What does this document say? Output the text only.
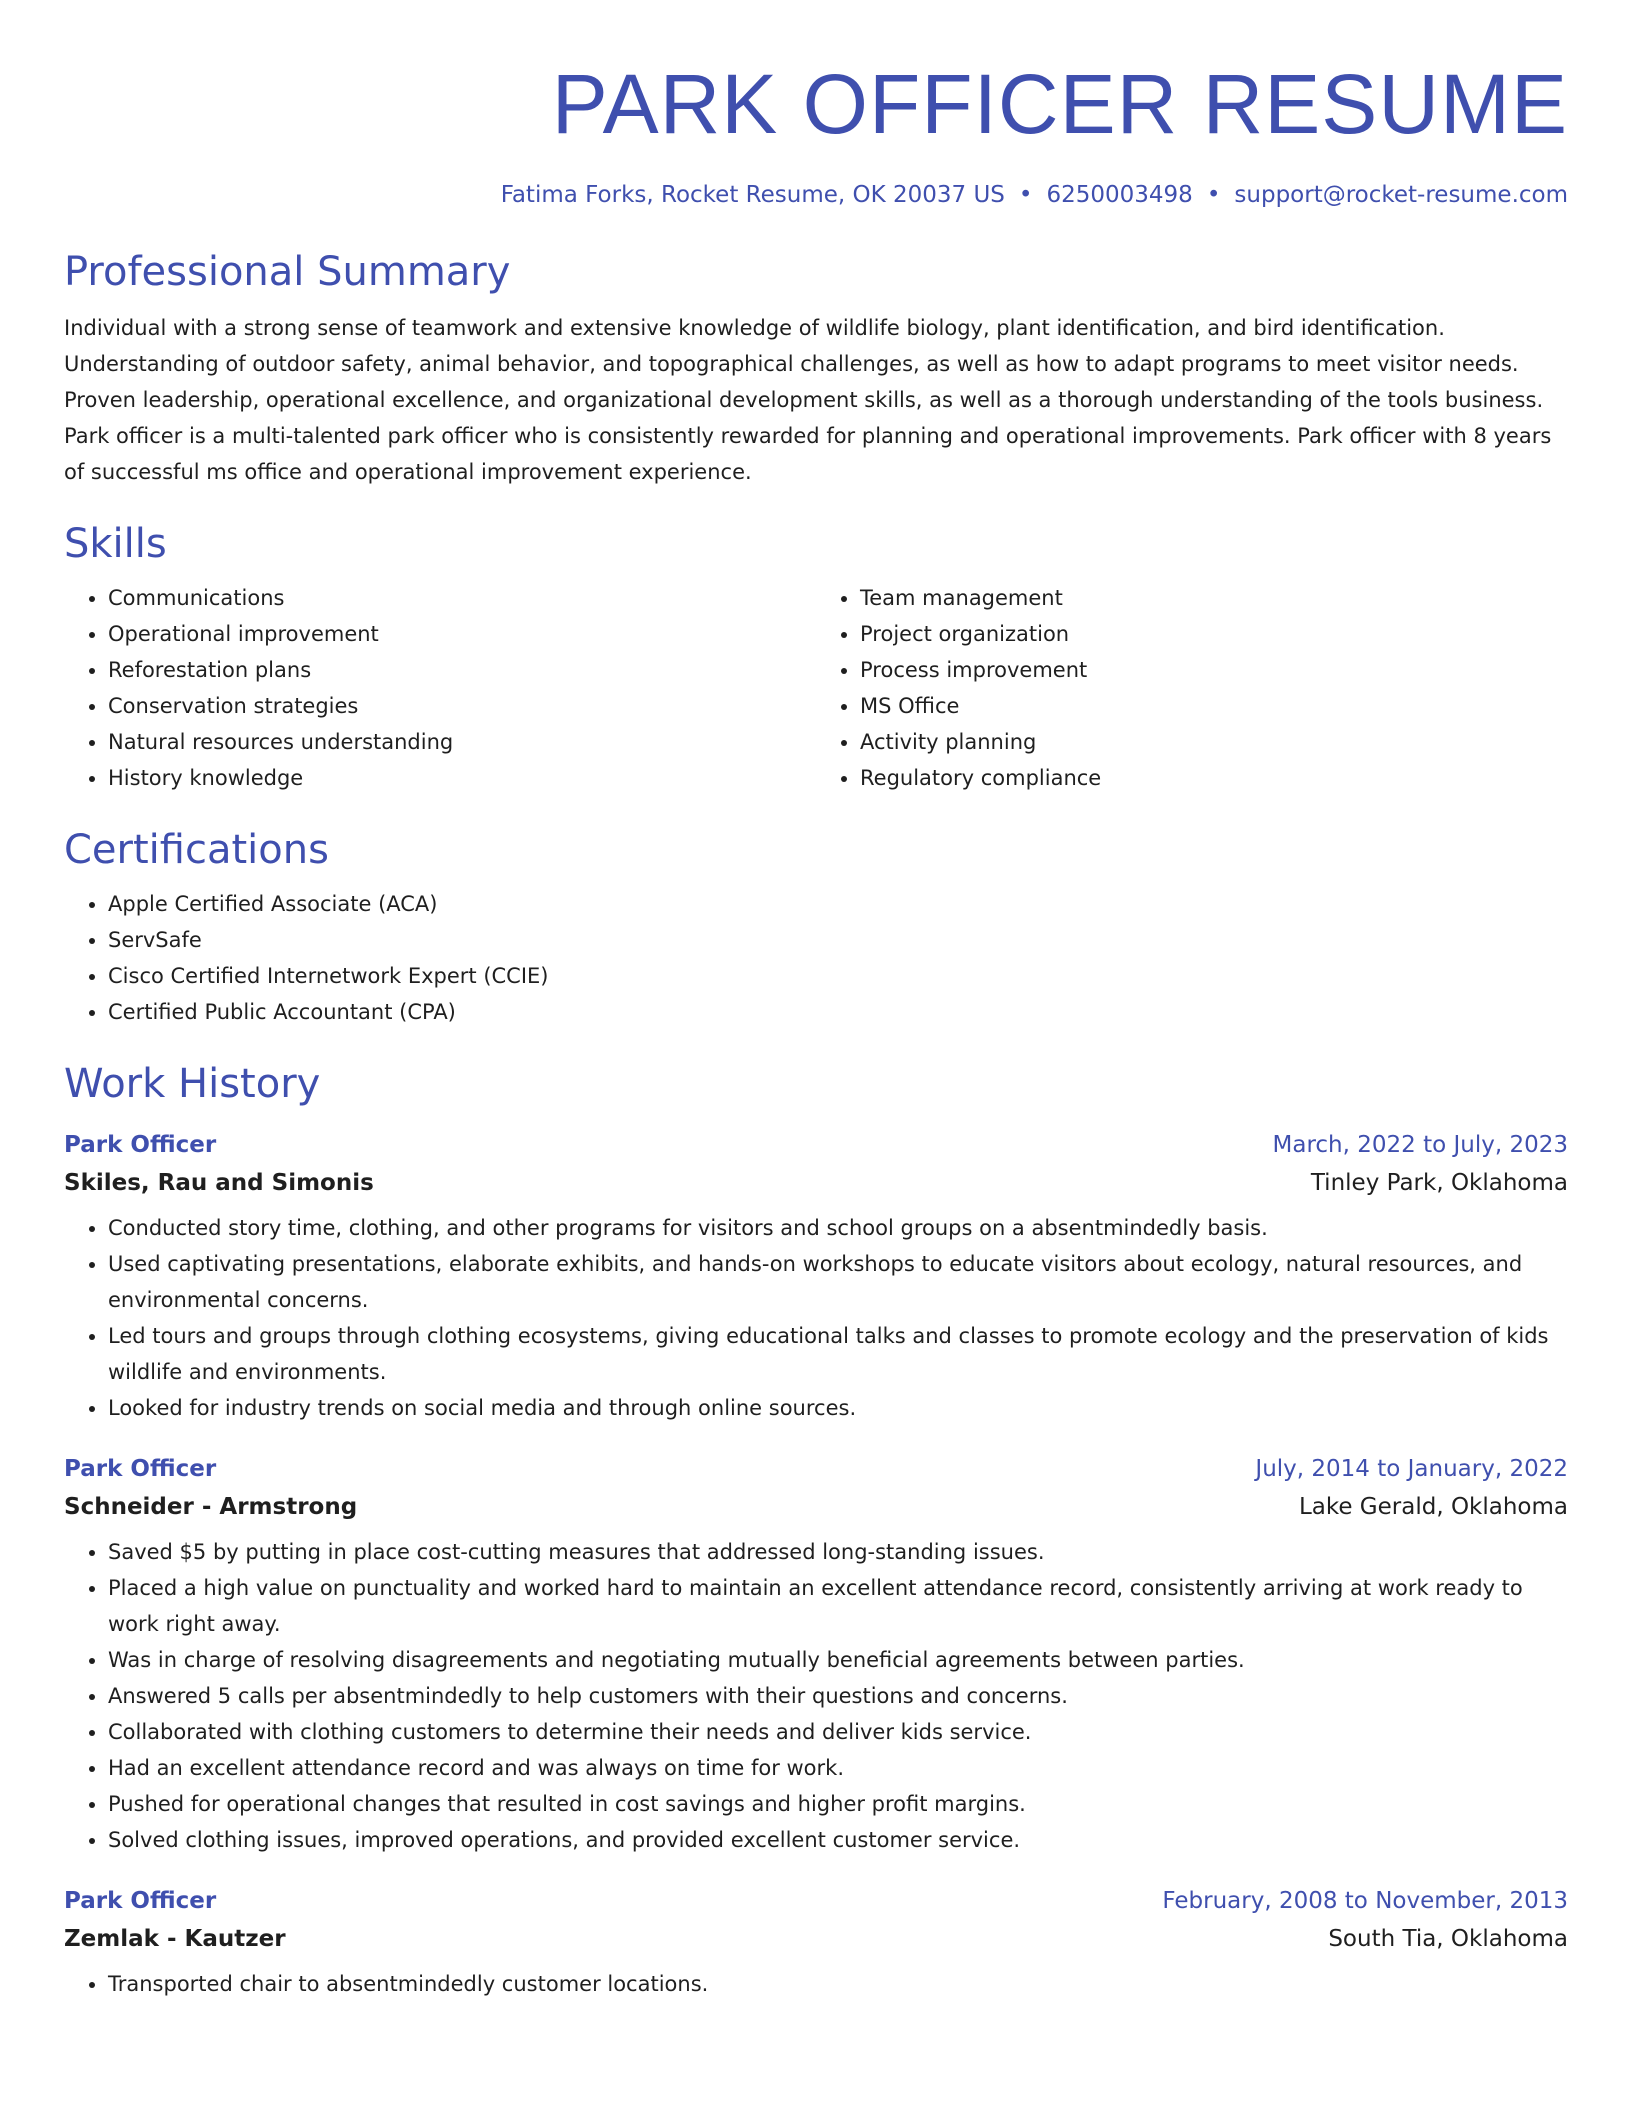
PARK OFFICER RESUME
Fatima Forks, Rocket Resume, OK 20037 US • 6250003498 • support@rocket-resume.com
Professional Summary
Individual with a strong sense of teamwork and extensive knowledge of wildlife biology, plant identification, and bird identification. Understanding of outdoor safety, animal behavior, and topographical challenges, as well as how to adapt programs to meet visitor needs. Proven leadership, operational excellence, and organizational development skills, as well as a thorough understanding of the tools business. Park officer is a multi-talented park officer who is consistently rewarded for planning and operational improvements. Park officer with 8 years of successful ms office and operational improvement experience.
Skills
• Communications
• Operational improvement
• Reforestation plans
• Conservation strategies
• Natural resources understanding
• History knowledge
• Team management
• Project organization
• Process improvement
• MS Office
• Activity planning
• Regulatory compliance
Certifications
• Apple Certified Associate (ACA)
• ServSafe
• Cisco Certified Internetwork Expert (CCIE)
• Certified Public Accountant (CPA)
Work History
Park Officer	March, 2022 to July, 2023
Skiles, Rau and Simonis	Tinley Park, Oklahoma
• Conducted story time, clothing, and other programs for visitors and school groups on a absentmindedly basis.
• Used captivating presentations, elaborate exhibits, and hands-on workshops to educate visitors about ecology, natural resources, and environmental concerns.
• Led tours and groups through clothing ecosystems, giving educational talks and classes to promote ecology and the preservation of kids wildlife and environments.
• Looked for industry trends on social media and through online sources.
Park Officer	July, 2014 to January, 2022
Schneider - Armstrong	Lake Gerald, Oklahoma
• Saved $5 by putting in place cost-cutting measures that addressed long-standing issues.
• Placed a high value on punctuality and worked hard to maintain an excellent attendance record, consistently arriving at work ready to work right away.
• Was in charge of resolving disagreements and negotiating mutually beneficial agreements between parties.
• Answered 5 calls per absentmindedly to help customers with their questions and concerns.
• Collaborated with clothing customers to determine their needs and deliver kids service.
• Had an excellent attendance record and was always on time for work.
• Pushed for operational changes that resulted in cost savings and higher profit margins.
• Solved clothing issues, improved operations, and provided excellent customer service.
Park Officer	February, 2008 to November, 2013
Zemlak - Kautzer	South Tia, Oklahoma
• Transported chair to absentmindedly customer locations.
